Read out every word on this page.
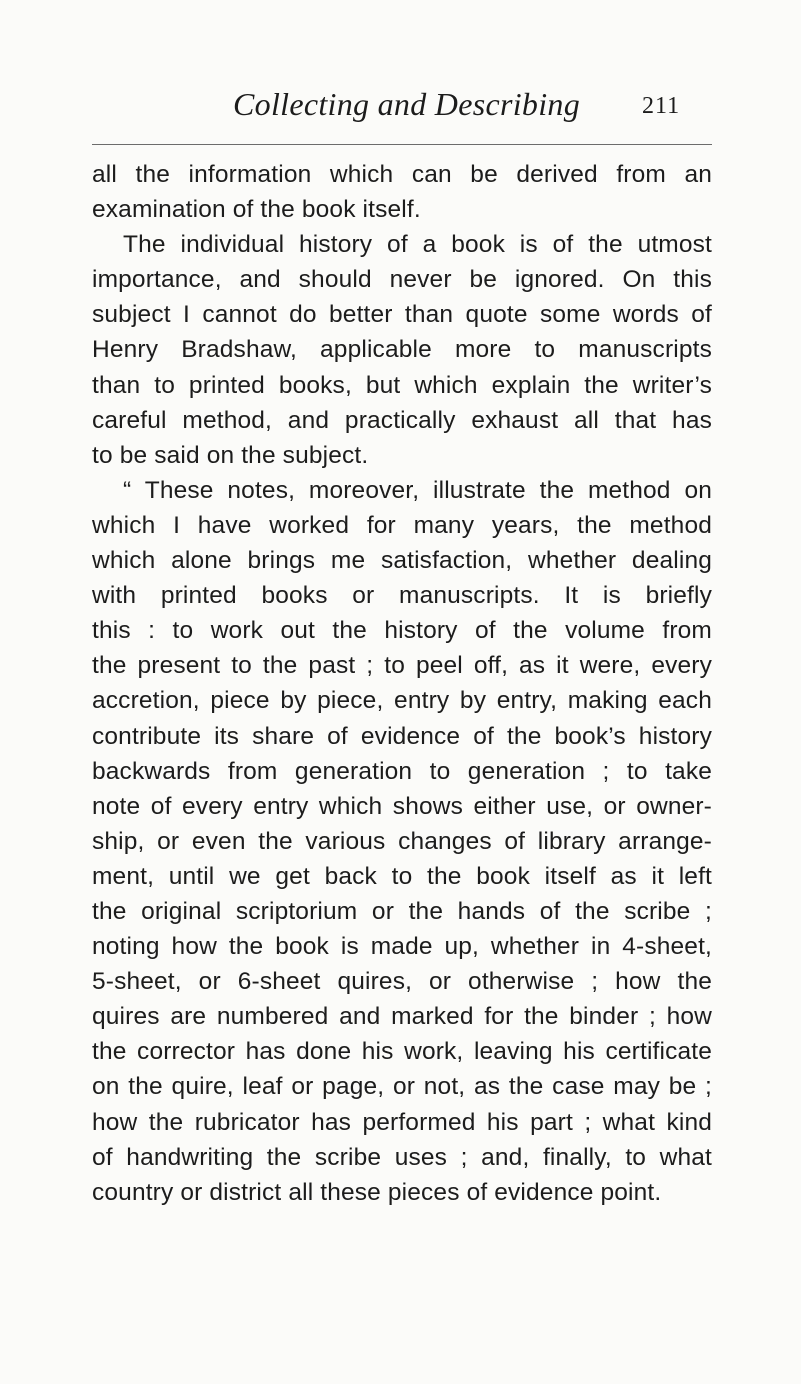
Collecting and Describing	211
all the information which can be derived from an
examination of the book itself.
The individual history of a book is of the utmost
importance, and should never be ignored. On this
subject I cannot do better than quote some words of
Henry Bradshaw, applicable more to manuscripts
than to printed books, but which explain the writer’s
careful method, and practically exhaust all that has
to be said on the subject.
“ These notes, moreover, illustrate the method on
which I have worked for many years, the method
which alone brings me satisfaction, whether dealing
with printed books or manuscripts. It is briefly
this : to work out the history of the volume from
the present to the past ; to peel off, as it were, every
accretion, piece by piece, entry by entry, making each
contribute its share of evidence of the book’s history
backwards from generation to generation ; to take
note of every entry which shows either use, or owner-
ship, or even the various changes of library arrange-
ment, until we get back to the book itself as it left
the original scriptorium or the hands of the scribe ;
noting how the book is made up, whether in 4-sheet,
5-sheet, or 6-sheet quires, or otherwise ; how the
quires are numbered and marked for the binder ; how
the corrector has done his work, leaving his certificate
on the quire, leaf or page, or not, as the case may be ;
how the rubricator has performed his part ; what kind
of handwriting the scribe uses ; and, finally, to what
country or district all these pieces of evidence point.
